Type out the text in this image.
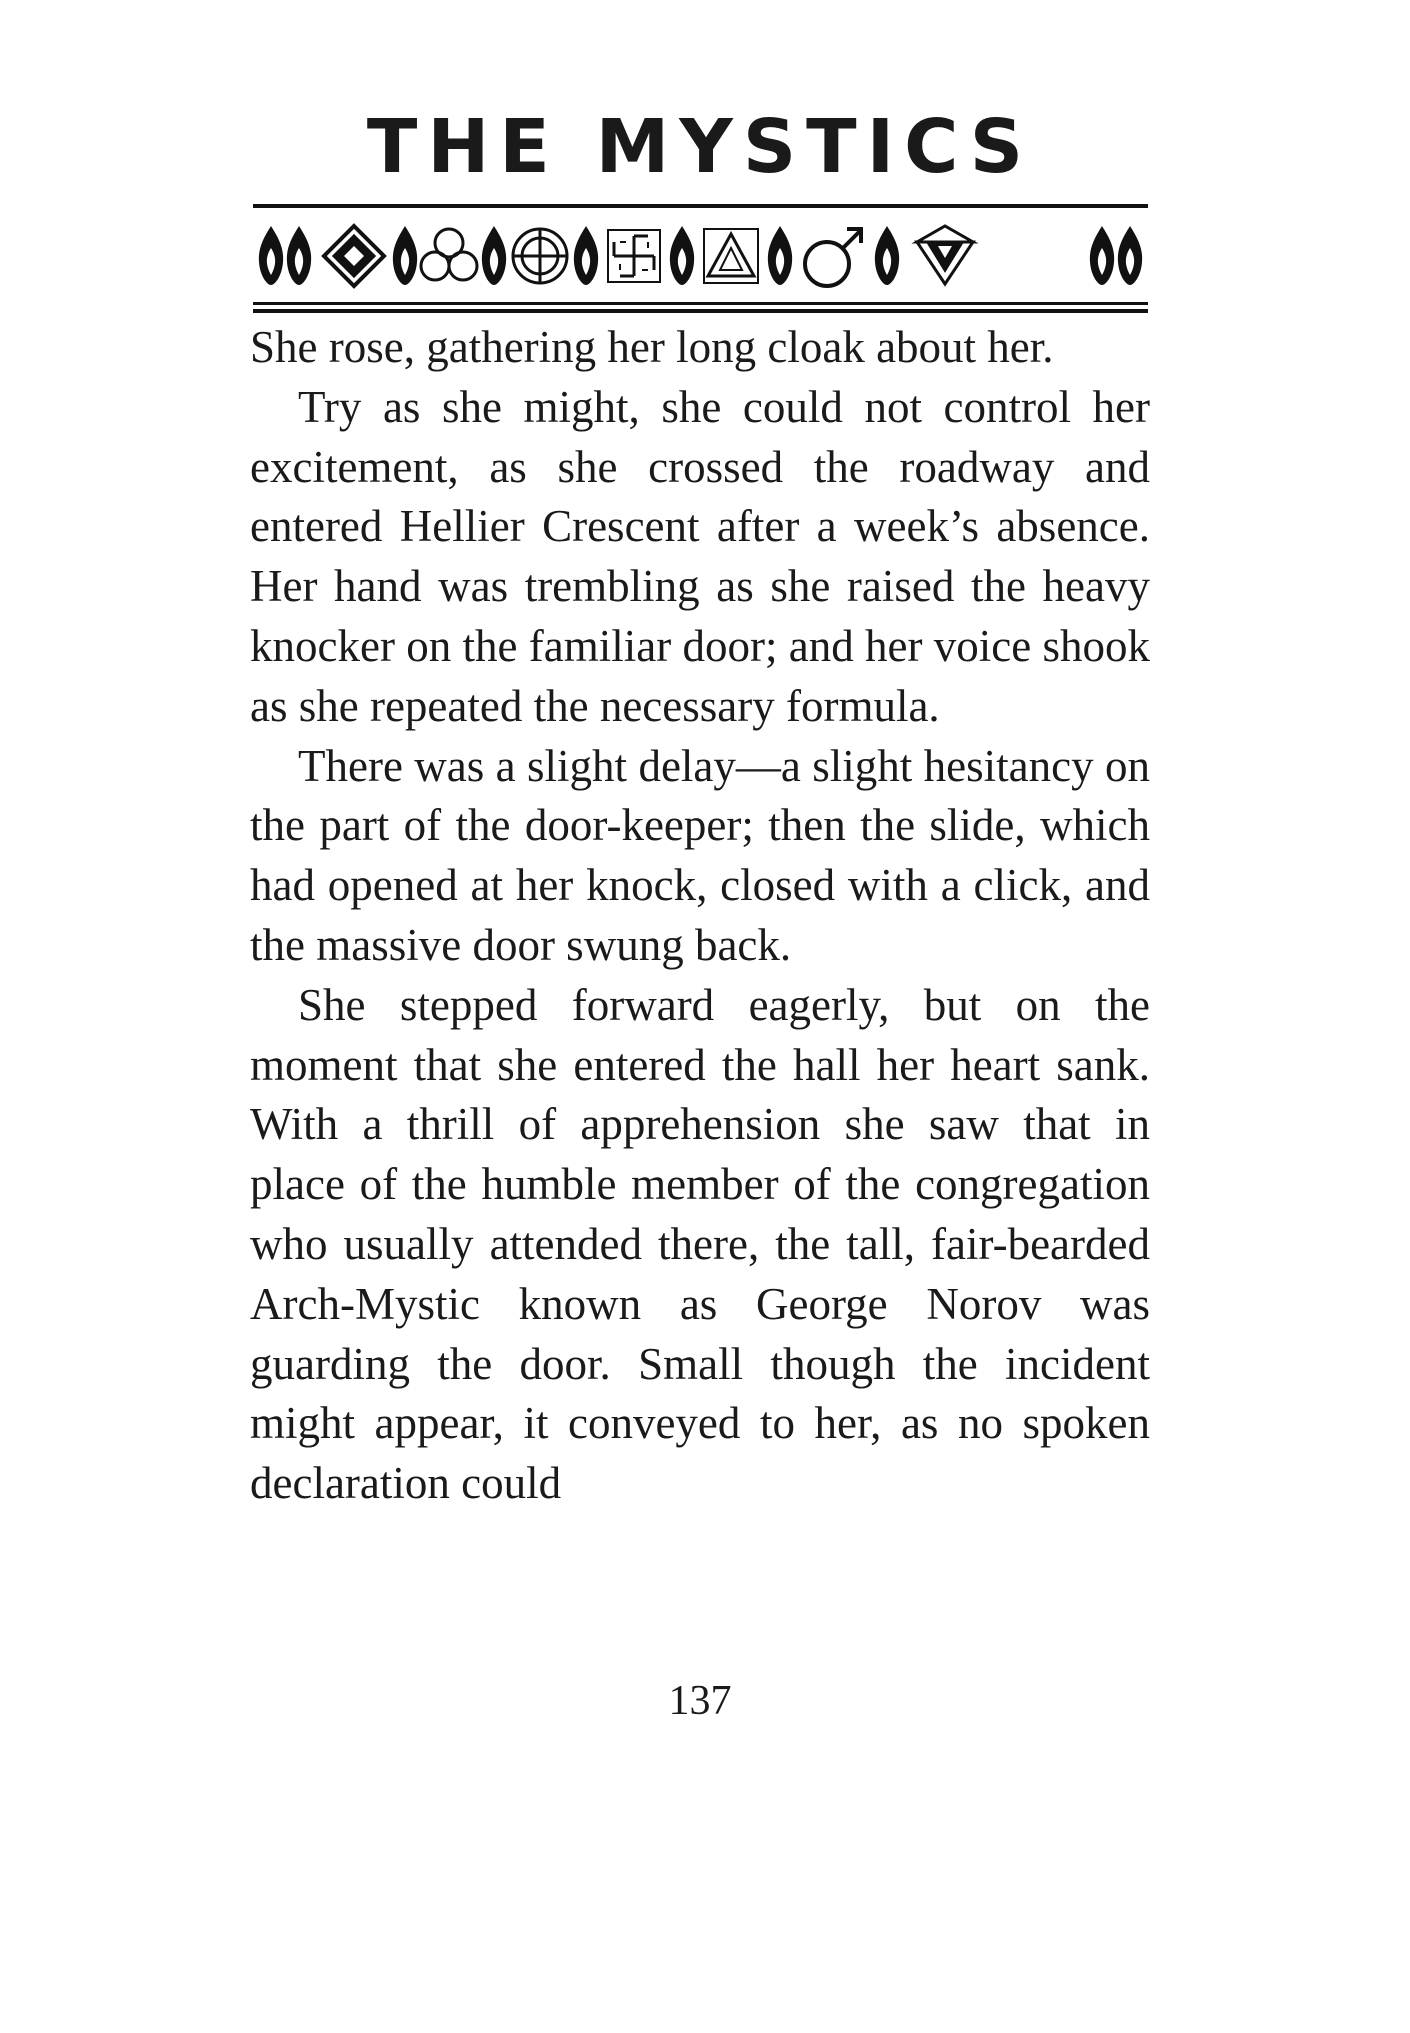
THE MYSTICS

She rose, gathering her long cloak about her.

Try as she might, she could not control her excitement, as she crossed the roadway and entered Hellier Crescent after a week’s absence. Her hand was trembling as she raised the heavy knocker on the familiar door; and her voice shook as she repeated the necessary formula.

There was a slight delay—a slight hesitancy on the part of the door-keeper; then the slide, which had opened at her knock, closed with a click, and the massive door swung back.

She stepped forward eagerly, but on the moment that she entered the hall her heart sank. With a thrill of apprehension she saw that in place of the humble member of the congregation who usually attended there, the tall, fair-bearded Arch-Mystic known as George Norov was guarding the door. Small though the incident might appear, it conveyed to her, as no spoken declaration could

137
